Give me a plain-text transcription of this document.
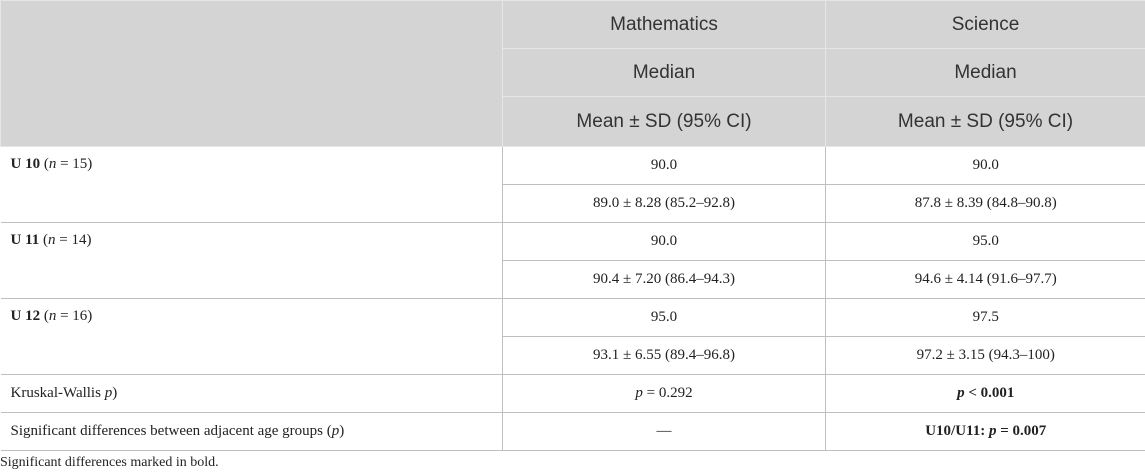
	Mathematics	Science
	Median	Median
	Mean ± SD (95% CI)	Mean ± SD (95% CI)
U 10 (n = 15)	90.0	90.0
	89.0 ± 8.28 (85.2–92.8)	87.8 ± 8.39 (84.8–90.8)
U 11 (n = 14)	90.0	95.0
	90.4 ± 7.20 (86.4–94.3)	94.6 ± 4.14 (91.6–97.7)
U 12 (n = 16)	95.0	97.5
	93.1 ± 6.55 (89.4–96.8)	97.2 ± 3.15 (94.3–100)
Kruskal-Wallis p)	p = 0.292	p < 0.001
Significant differences between adjacent age groups (p)	—	U10/U11: p = 0.007
Significant differences marked in bold.
